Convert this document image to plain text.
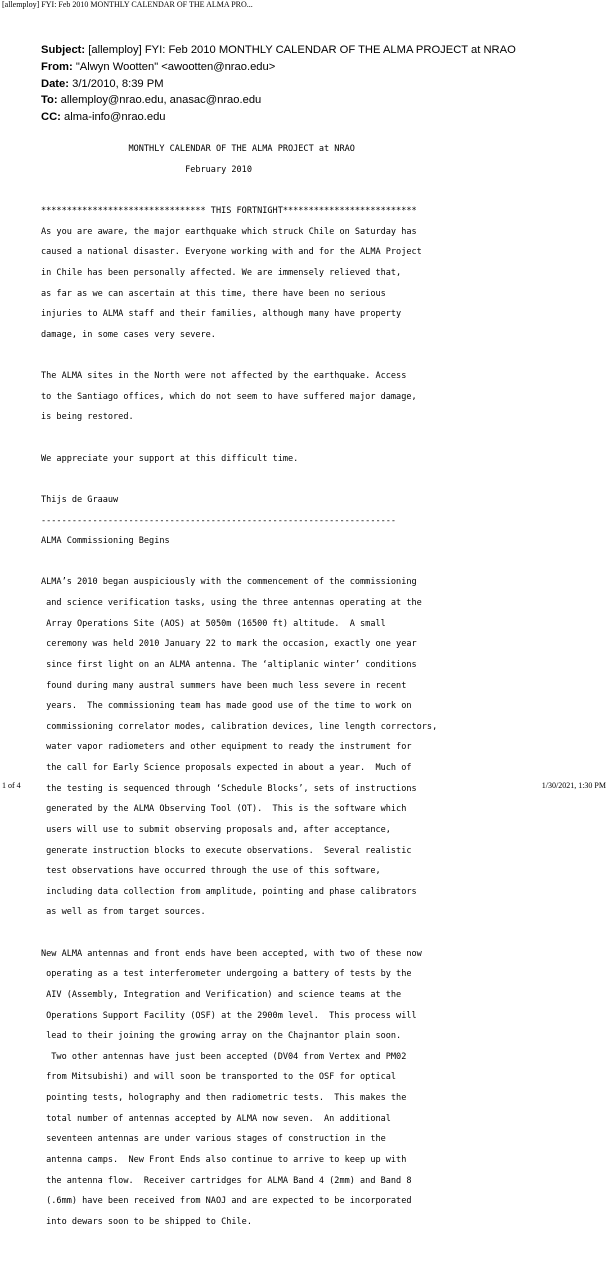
[allemploy] FYI: Feb 2010 MONTHLY CALENDAR OF THE ALMA PRO...
Subject: [allemploy] FYI: Feb 2010 MONTHLY CALENDAR OF THE ALMA PROJECT at NRAO
From: "Alwyn Wootten" <awootten@nrao.edu>
Date: 3/1/2010, 8:39 PM
To: allemploy@nrao.edu, anasac@nrao.edu
CC: alma-info@nrao.edu

MONTHLY CALENDAR OF THE ALMA PROJECT at NRAO

February 2010

******************************** THIS FORTNIGHT**************************

As you are aware, the major earthquake which struck Chile on Saturday has

caused a national disaster. Everyone working with and for the ALMA Project

in Chile has been personally affected. We are immensely relieved that,

as far as we can ascertain at this time, there have been no serious

injuries to ALMA staff and their families, although many have property

damage, in some cases very severe.

The ALMA sites in the North were not affected by the earthquake. Access

to the Santiago offices, which do not seem to have suffered major damage,

is being restored.

We appreciate your support at this difficult time.

Thijs de Graauw

---------------------------------------------------------------------

ALMA Commissioning Begins

ALMA’s 2010 began auspiciously with the commencement of the commissioning

and science verification tasks, using the three antennas operating at the

Array Operations Site (AOS) at 5050m (16500 ft) altitude.  A small

ceremony was held 2010 January 22 to mark the occasion, exactly one year

since first light on an ALMA antenna. The ‘altiplanic winter’ conditions

found during many austral summers have been much less severe in recent

years.  The commissioning team has made good use of the time to work on

commissioning correlator modes, calibration devices, line length correctors,

water vapor radiometers and other equipment to ready the instrument for

the call for Early Science proposals expected in about a year.  Much of

the testing is sequenced through ‘Schedule Blocks’, sets of instructions

generated by the ALMA Observing Tool (OT).  This is the software which

users will use to submit observing proposals and, after acceptance,

generate instruction blocks to execute observations.  Several realistic

test observations have occurred through the use of this software,

including data collection from amplitude, pointing and phase calibrators

as well as from target sources.

New ALMA antennas and front ends have been accepted, with two of these now

operating as a test interferometer undergoing a battery of tests by the

AIV (Assembly, Integration and Verification) and science teams at the

Operations Support Facility (OSF) at the 2900m level.  This process will

lead to their joining the growing array on the Chajnantor plain soon.

Two other antennas have just been accepted (DV04 from Vertex and PM02

from Mitsubishi) and will soon be transported to the OSF for optical

pointing tests, holography and then radiometric tests.  This makes the

total number of antennas accepted by ALMA now seven.  An additional

seventeen antennas are under various stages of construction in the

antenna camps.  New Front Ends also continue to arrive to keep up with

the antenna flow.  Receiver cartridges for ALMA Band 4 (2mm) and Band 8

(.6mm) have been received from NAOJ and are expected to be incorporated

into dewars soon to be shipped to Chile.

1 of 4	1/30/2021, 1:30 PM
